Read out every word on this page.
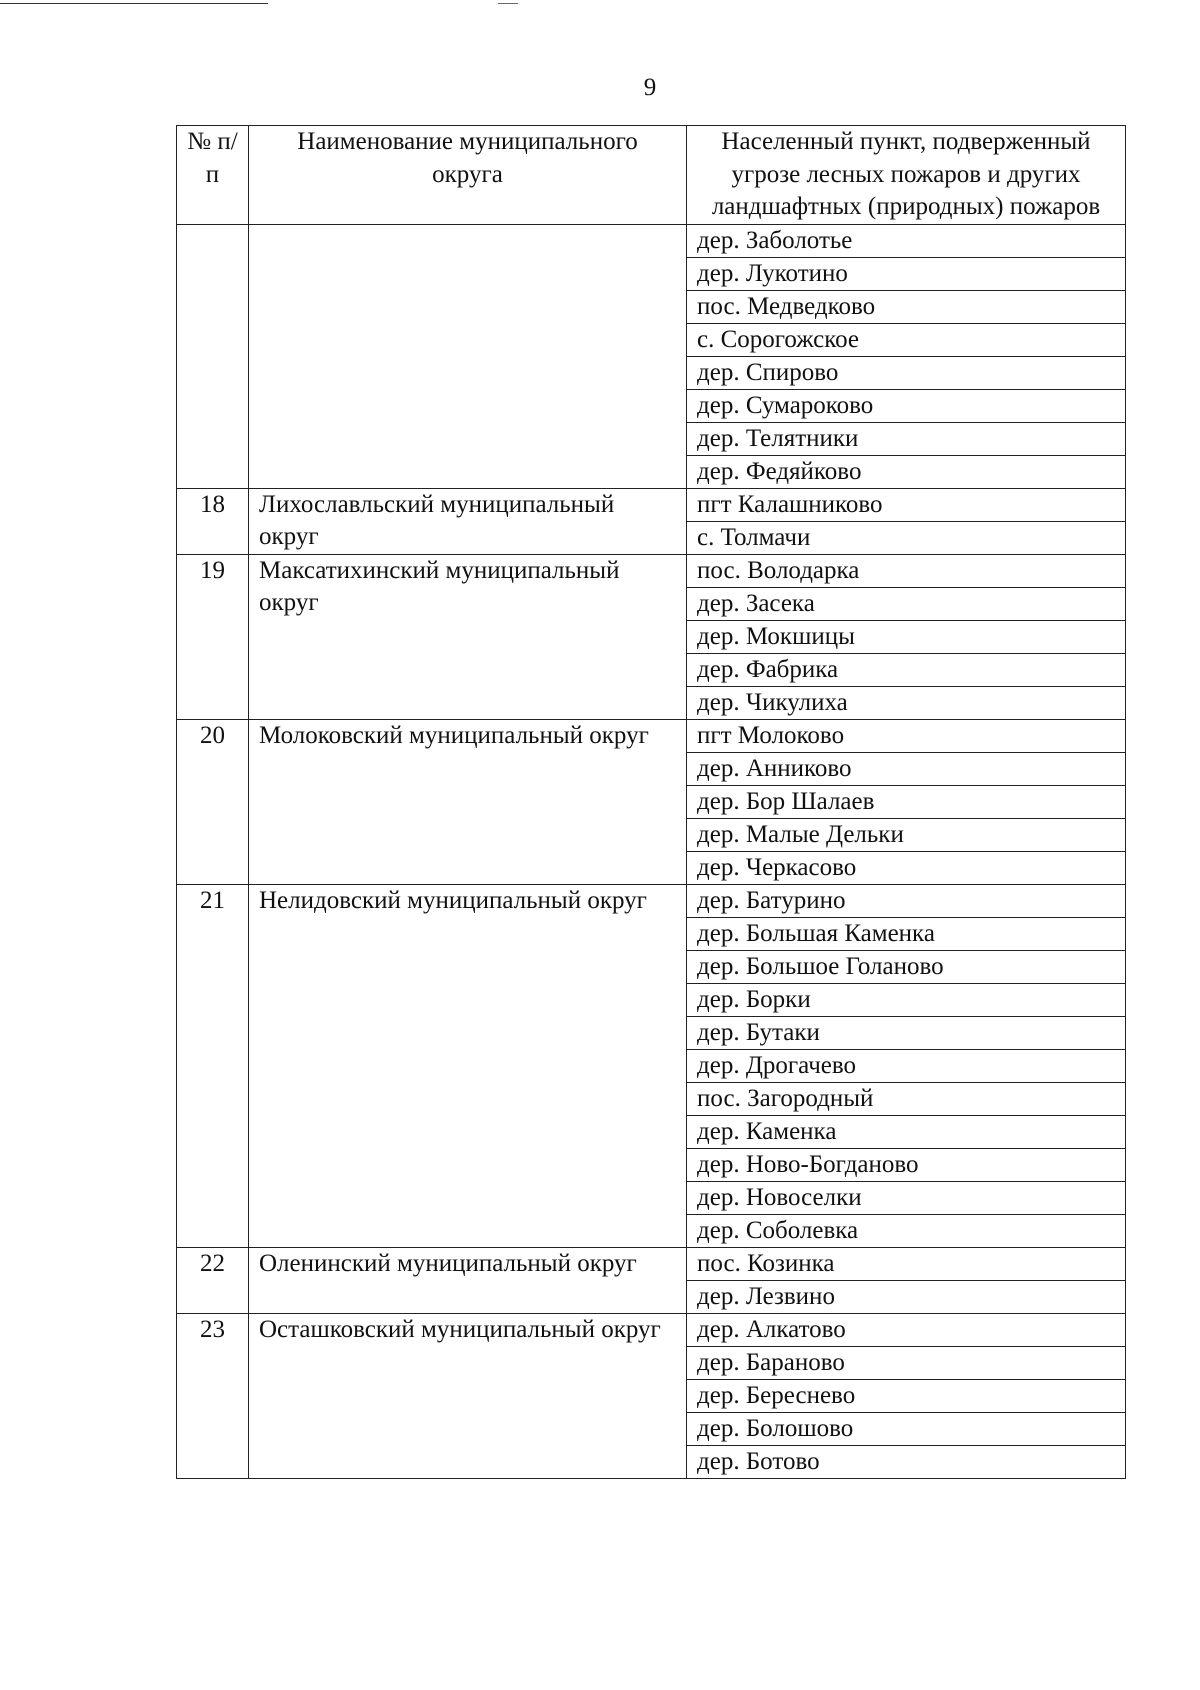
9
№ п/п	Наименование муниципального округа	Населенный пункт, подверженный угрозе лесных пожаров и других ландшафтных (природных) пожаров
		дер. Заболотье
		дер. Лукотино
		пос. Медведково
		с. Сорогожское
		дер. Спирово
		дер. Сумароково
		дер. Телятники
		дер. Федяйково
18	Лихославльский муниципальный округ	пгт Калашниково
		с. Толмачи
19	Максатихинский муниципальный округ	пос. Володарка
		дер. Засека
		дер. Мокшицы
		дер. Фабрика
		дер. Чикулиха
20	Молоковский муниципальный округ	пгт Молоково
		дер. Анниково
		дер. Бор Шалаев
		дер. Малые Дельки
		дер. Черкасово
21	Нелидовский муниципальный округ	дер. Батурино
		дер. Большая Каменка
		дер. Большое Голаново
		дер. Борки
		дер. Бутаки
		дер. Дрогачево
		пос. Загородный
		дер. Каменка
		дер. Ново-Богданово
		дер. Новоселки
		дер. Соболевка
22	Оленинский муниципальный округ	пос. Козинка
		дер. Лезвино
23	Осташковский муниципальный округ	дер. Алкатово
		дер. Бараново
		дер. Береснево
		дер. Болошово
		дер. Ботово
